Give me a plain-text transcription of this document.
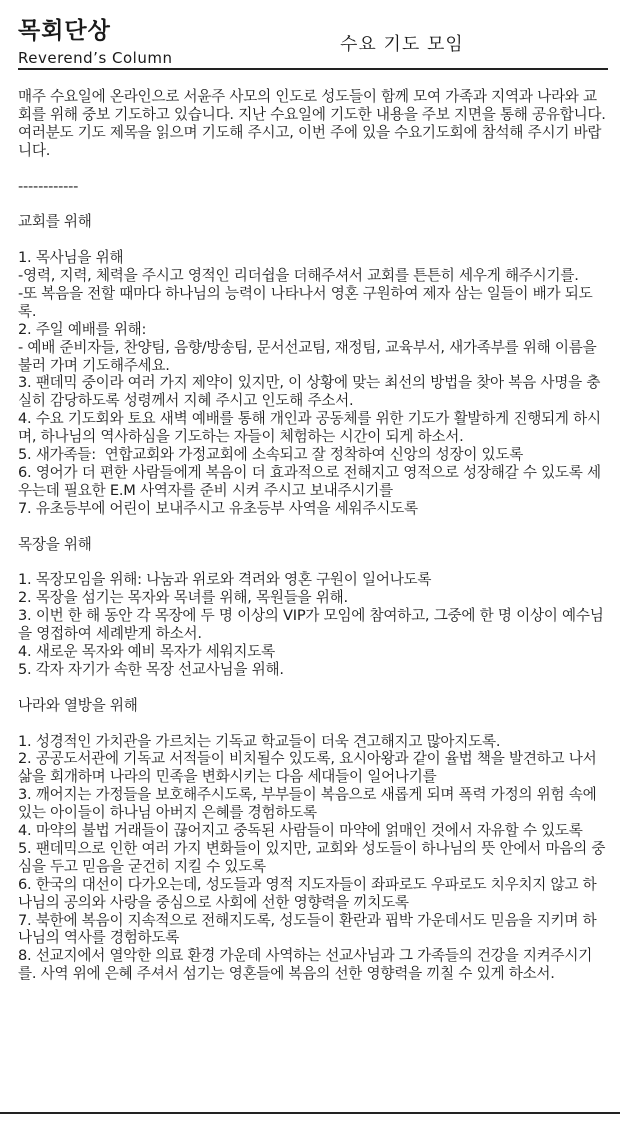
목회단상
Reverend’s Column
수요 기도 모임

매주 수요일에 온라인으로 서윤주 사모의 인도로 성도들이 함께 모여 가족과 지역과 나라와 교회를 위해 중보 기도하고 있습니다. 지난 수요일에 기도한 내용을 주보 지면을 통해 공유합니다. 여러분도 기도 제목을 읽으며 기도해 주시고, 이번 주에 있을 수요기도회에 참석해 주시기 바랍니다.

------------

교회를 위해

1. 목사님을 위해

-영력, 지력, 체력을 주시고 영적인 리더쉽을 더해주셔서 교회를 튼튼히 세우게 해주시기를.

-또 복음을 전할 때마다 하나님의 능력이 나타나서 영혼 구원하여 제자 삼는 일들이 배가 되도록.

2. 주일 예배를 위해:

- 예배 준비자들, 찬양팀, 음향/방송팀, 문서선교팀, 재정팀, 교육부서, 새가족부를 위해 이름을 불러 가며 기도해주세요.

3. 팬데믹 중이라 여러 가지 제약이 있지만, 이 상황에 맞는 최선의 방법을 찾아 복음 사명을 충실히 감당하도록 성령께서 지혜 주시고 인도해 주소서.

4. 수요 기도회와 토요 새벽 예배를 통해 개인과 공동체를 위한 기도가 활발하게 진행되게 하시며, 하나님의 역사하심을 기도하는 자들이 체험하는 시간이 되게 하소서.

5. 새가족들:  연합교회와 가정교회에 소속되고 잘 정착하여 신앙의 성장이 있도록

6. 영어가 더 편한 사람들에게 복음이 더 효과적으로 전해지고 영적으로 성장해갈 수 있도록 세우는데 필요한 E.M 사역자를 준비 시켜 주시고 보내주시기를

7. 유초등부에 어린이 보내주시고 유초등부 사역을 세워주시도록

목장을 위해

1. 목장모임을 위해: 나눔과 위로와 격려와 영혼 구원이 일어나도록

2. 목장을 섬기는 목자와 목녀를 위해, 목원들을 위해.

3. 이번 한 해 동안 각 목장에 두 명 이상의 VIP가 모임에 참여하고, 그중에 한 명 이상이 예수님을 영접하여 세례받게 하소서.

4. 새로운 목자와 예비 목자가 세워지도록

5. 각자 자기가 속한 목장 선교사님을 위해.

나라와 열방을 위해

1. 성경적인 가치관을 가르치는 기독교 학교들이 더욱 견고해지고 많아지도록.

2. 공공도서관에 기독교 서적들이 비치될수 있도록, 요시아왕과 같이 율법 책을 발견하고 나서 삶을 회개하며 나라의 민족을 변화시키는 다음 세대들이 일어나기를

3. 깨어지는 가정들을 보호해주시도록, 부부들이 복음으로 새롭게 되며 폭력 가정의 위험 속에 있는 아이들이 하나님 아버지 은혜를 경험하도록

4. 마약의 불법 거래들이 끊어지고 중독된 사람들이 마약에 얽매인 것에서 자유할 수 있도록

5. 팬데믹으로 인한 여러 가지 변화들이 있지만, 교회와 성도들이 하나님의 뜻 안에서 마음의 중심을 두고 믿음을 굳건히 지킬 수 있도록

6. 한국의 대선이 다가오는데, 성도들과 영적 지도자들이 좌파로도 우파로도 치우치지 않고 하나님의 공의와 사랑을 중심으로 사회에 선한 영향력을 끼치도록

7. 북한에 복음이 지속적으로 전해지도록, 성도들이 환란과 핍박 가운데서도 믿음을 지키며 하나님의 역사를 경험하도록

8. 선교지에서 열악한 의료 환경 가운데 사역하는 선교사님과 그 가족들의 건강을 지켜주시기를. 사역 위에 은혜 주셔서 섬기는 영혼들에 복음의 선한 영향력을 끼칠 수 있게 하소서.
